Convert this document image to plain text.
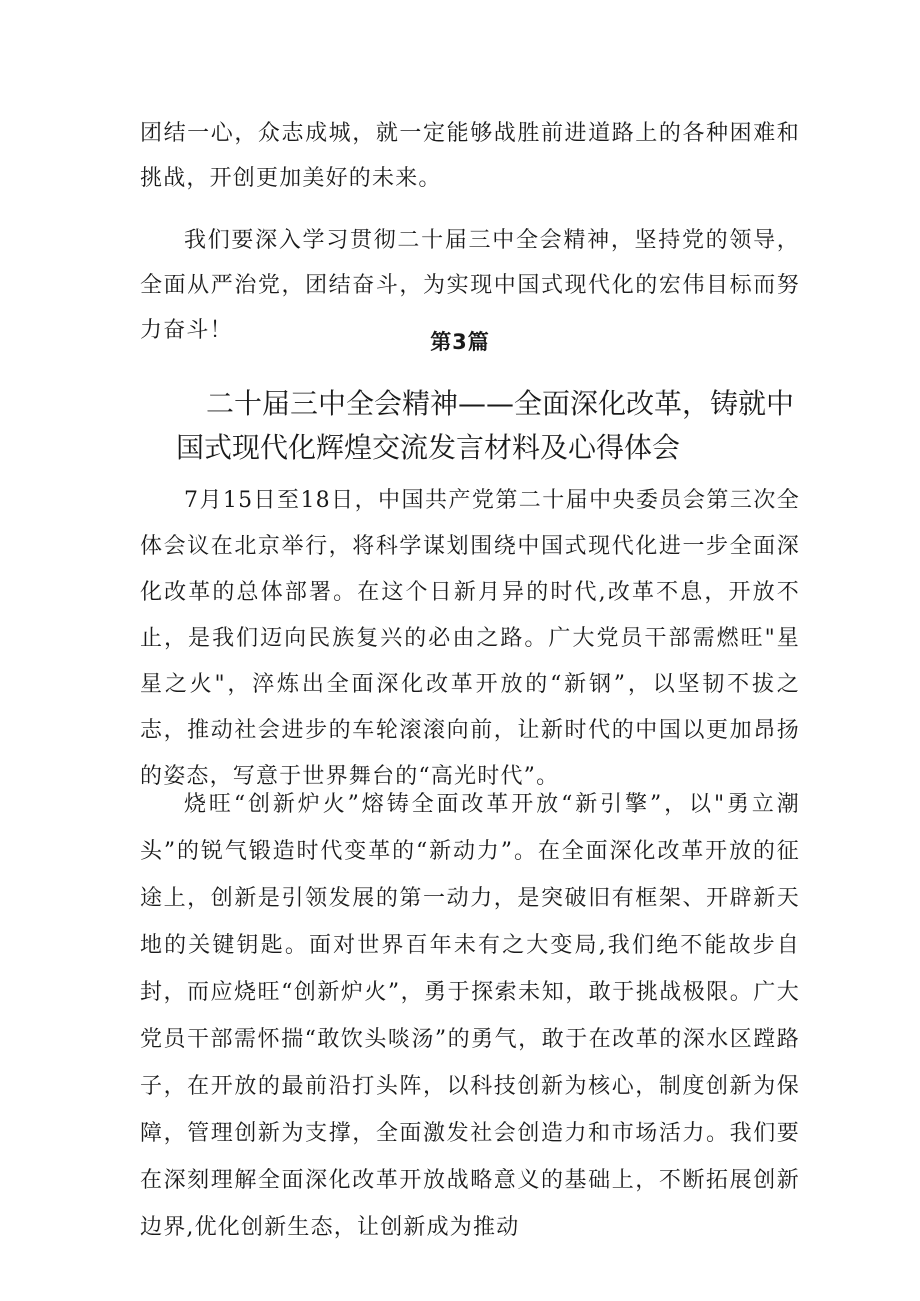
团结一心，众志成城，就一定能够战胜前进道路上的各种困难和挑战，开创更加美好的未来。

我们要深入学习贯彻二十届三中全会精神，坚持党的领导，全面从严治党，团结奋斗，为实现中国式现代化的宏伟目标而努力奋斗！	第3篇
二十届三中全会精神——全面深化改革，铸就中国式现代化辉煌交流发言材料及心得体会

7月15日至18日，中国共产党第二十届中央委员会第三次全体会议在北京举行，将科学谋划围绕中国式现代化进一步全面深化改革的总体部署。在这个日新月异的时代,改革不息，开放不止，是我们迈向民族复兴的必由之路。广大党员干部需燃旺"星星之火"，淬炼出全面深化改革开放的“新钢”，以坚韧不拔之志，推动社会进步的车轮滚滚向前，让新时代的中国以更加昂扬的姿态，写意于世界舞台的“高光时代”。

烧旺“创新炉火”熔铸全面改革开放“新引擎”，以"勇立潮头”的锐气锻造时代变革的“新动力”。在全面深化改革开放的征途上，创新是引领发展的第一动力，是突破旧有框架、开辟新天地的关键钥匙。面对世界百年未有之大变局,我们绝不能故步自封，而应烧旺“创新炉火”，勇于探索未知，敢于挑战极限。广大党员干部需怀揣“敢饮头啖汤”的勇气，敢于在改革的深水区蹚路子，在开放的最前沿打头阵，以科技创新为核心，制度创新为保障，管理创新为支撑，全面激发社会创造力和市场活力。我们要在深刻理解全面深化改革开放战略意义的基础上，不断拓展创新边界,优化创新生态，让创新成为推动
